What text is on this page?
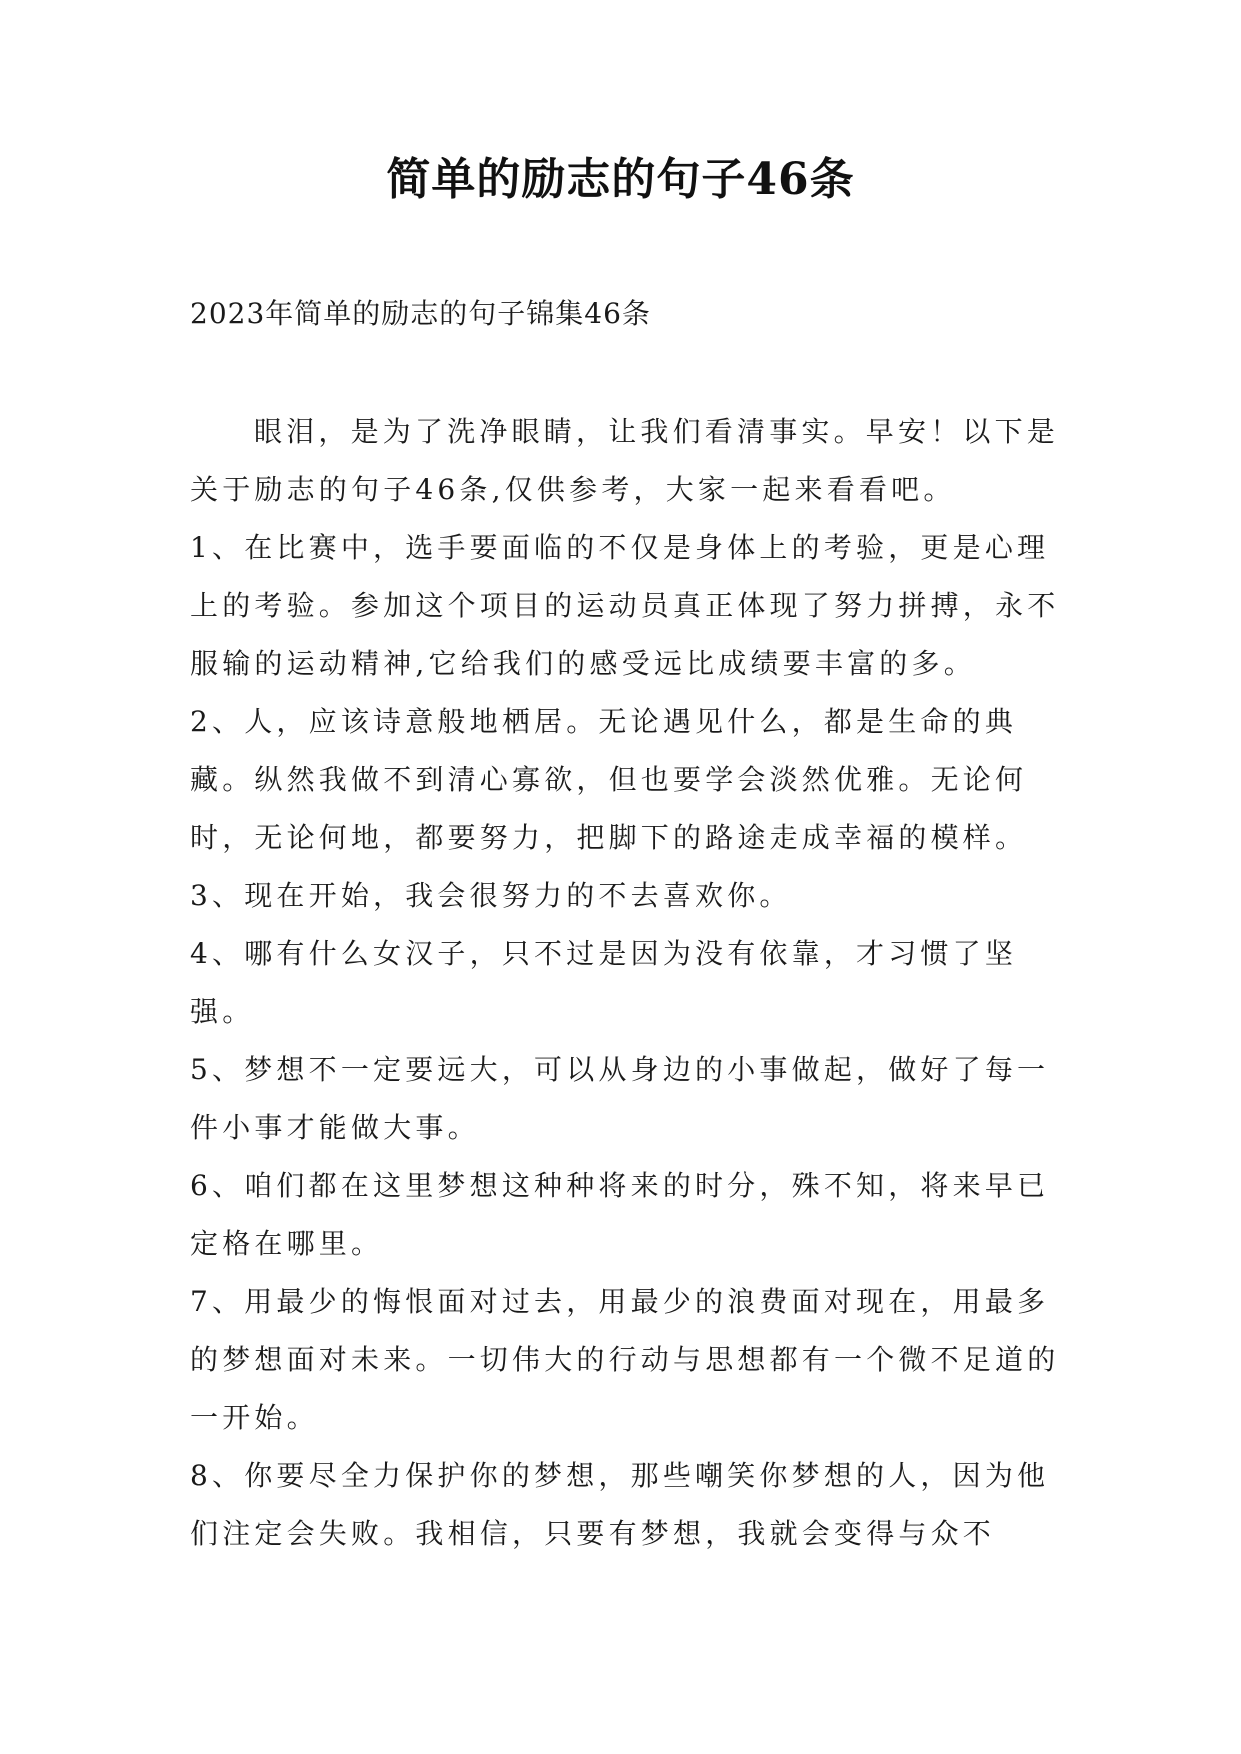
简单的励志的句子46条
2023年简单的励志的句子锦集46条

眼泪，是为了洗净眼睛，让我们看清事实。早安！以下是关于励志的句子46条,仅供参考，大家一起来看看吧。

1、在比赛中，选手要面临的不仅是身体上的考验，更是心理上的考验。参加这个项目的运动员真正体现了努力拼搏，永不服输的运动精神,它给我们的感受远比成绩要丰富的多。

2、人，应该诗意般地栖居。无论遇见什么，都是生命的典藏。纵然我做不到清心寡欲，但也要学会淡然优雅。无论何时，无论何地，都要努力，把脚下的路途走成幸福的模样。

3、现在开始，我会很努力的不去喜欢你。

4、哪有什么女汉子，只不过是因为没有依靠，才习惯了坚强。

5、梦想不一定要远大，可以从身边的小事做起，做好了每一件小事才能做大事。

6、咱们都在这里梦想这种种将来的时分，殊不知，将来早已定格在哪里。

7、用最少的悔恨面对过去，用最少的浪费面对现在，用最多的梦想面对未来。一切伟大的行动与思想都有一个微不足道的一开始。

8、你要尽全力保护你的梦想，那些嘲笑你梦想的人，因为他们注定会失败。我相信，只要有梦想，我就会变得与众不
